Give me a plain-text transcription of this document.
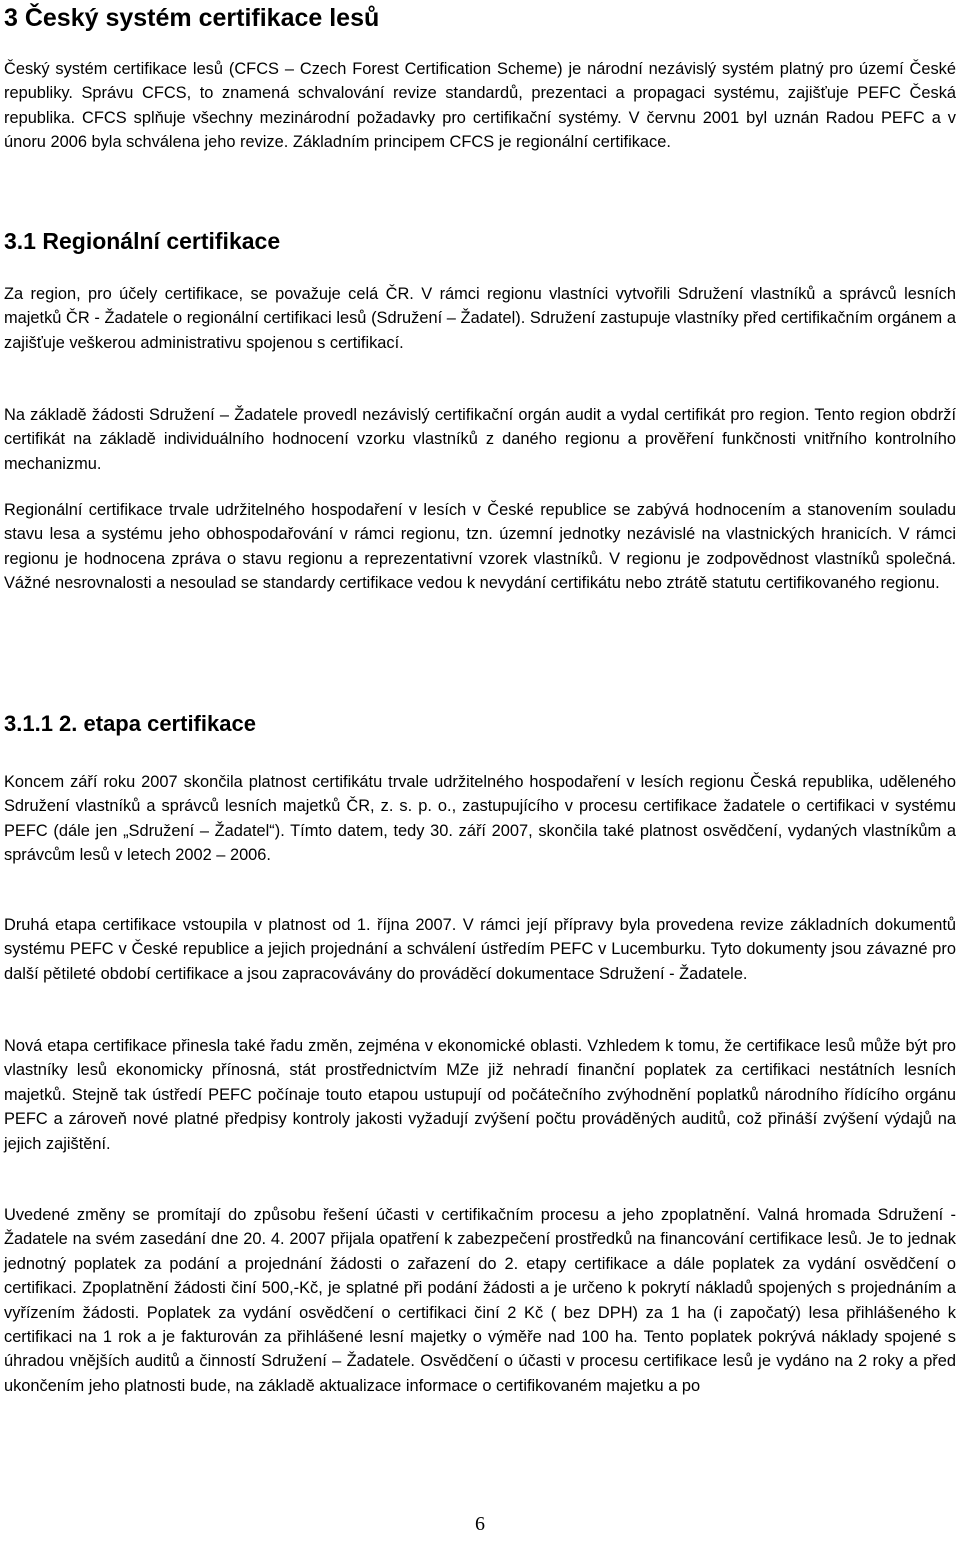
3 Český systém certifikace lesů

Český systém certifikace lesů (CFCS – Czech Forest Certification Scheme) je národní nezávislý systém platný pro území České republiky. Správu CFCS, to znamená schvalování revize standardů, prezentaci a propagaci systému, zajišťuje PEFC Česká republika. CFCS splňuje všechny mezinárodní požadavky pro certifikační systémy. V červnu 2001 byl uznán Radou PEFC a v únoru 2006 byla schválena jeho revize. Základním principem CFCS je regionální certifikace.

3.1 Regionální certifikace

Za region, pro účely certifikace, se považuje celá ČR. V rámci regionu vlastníci vytvořili Sdružení vlastníků a správců lesních majetků ČR - Žadatele o regionální certifikaci lesů (Sdružení – Žadatel). Sdružení zastupuje vlastníky před certifikačním orgánem a zajišťuje veškerou administrativu spojenou s certifikací.

Na základě žádosti Sdružení – Žadatele provedl nezávislý certifikační orgán audit a vydal certifikát pro region. Tento region obdrží certifikát na základě individuálního hodnocení vzorku vlastníků z daného regionu a prověření funkčnosti vnitřního kontrolního mechanizmu.

Regionální certifikace trvale udržitelného hospodaření v lesích v České republice se zabývá hodnocením a stanovením souladu stavu lesa a systému jeho obhospodařování v rámci regionu, tzn. územní jednotky nezávislé na vlastnických hranicích. V rámci regionu je hodnocena zpráva o stavu regionu a reprezentativní vzorek vlastníků. V regionu je zodpovědnost vlastníků společná. Vážné nesrovnalosti a nesoulad se standardy certifikace vedou k nevydání certifikátu nebo ztrátě statutu certifikovaného regionu.

3.1.1 2. etapa certifikace

Koncem září roku 2007 skončila platnost certifikátu trvale udržitelného hospodaření v lesích regionu Česká republika, uděleného Sdružení vlastníků a správců lesních majetků ČR, z. s. p. o., zastupujícího v procesu certifikace žadatele o certifikaci v systému PEFC (dále jen „Sdružení – Žadatel“). Tímto datem, tedy 30. září 2007, skončila také platnost osvědčení, vydaných vlastníkům a správcům lesů v letech 2002 – 2006.

Druhá etapa certifikace vstoupila v platnost od 1. října 2007. V rámci její přípravy byla provedena revize základních dokumentů systému PEFC v České republice a jejich projednání a schválení ústředím PEFC v Lucemburku. Tyto dokumenty jsou závazné pro další pětileté období certifikace a jsou zapracovávány do prováděcí dokumentace Sdružení - Žadatele.

Nová etapa certifikace přinesla také řadu změn, zejména v ekonomické oblasti. Vzhledem k tomu, že certifikace lesů může být pro vlastníky lesů ekonomicky přínosná, stát prostřednictvím MZe již nehradí finanční poplatek za certifikaci nestátních lesních majetků. Stejně tak ústředí PEFC počínaje touto etapou ustupují od počátečního zvýhodnění poplatků národního řídícího orgánu PEFC a zároveň nové platné předpisy kontroly jakosti vyžadují zvýšení počtu prováděných auditů, což přináší zvýšení výdajů na jejich zajištění.

Uvedené změny se promítají do způsobu řešení účasti v certifikačním procesu a jeho zpoplatnění. Valná hromada Sdružení - Žadatele na svém zasedání dne 20. 4. 2007 přijala opatření k zabezpečení prostředků na financování certifikace lesů. Je to jednak jednotný poplatek za podání a projednání žádosti o zařazení do 2. etapy certifikace a dále poplatek za vydání osvědčení o certifikaci. Zpoplatnění žádosti činí 500,-Kč, je splatné při podání žádosti a je určeno k pokrytí nákladů spojených s projednáním a vyřízením žádosti. Poplatek za vydání osvědčení o certifikaci činí 2 Kč ( bez DPH) za 1 ha (i započatý) lesa přihlášeného k certifikaci na 1 rok a je fakturován za přihlášené lesní majetky o výměře nad 100 ha. Tento poplatek pokrývá náklady spojené s úhradou vnějších auditů a činností Sdružení – Žadatele. Osvědčení o účasti v procesu certifikace lesů je vydáno na 2 roky a před ukončením jeho platnosti bude, na základě aktualizace informace o certifikovaném majetku a po

6
